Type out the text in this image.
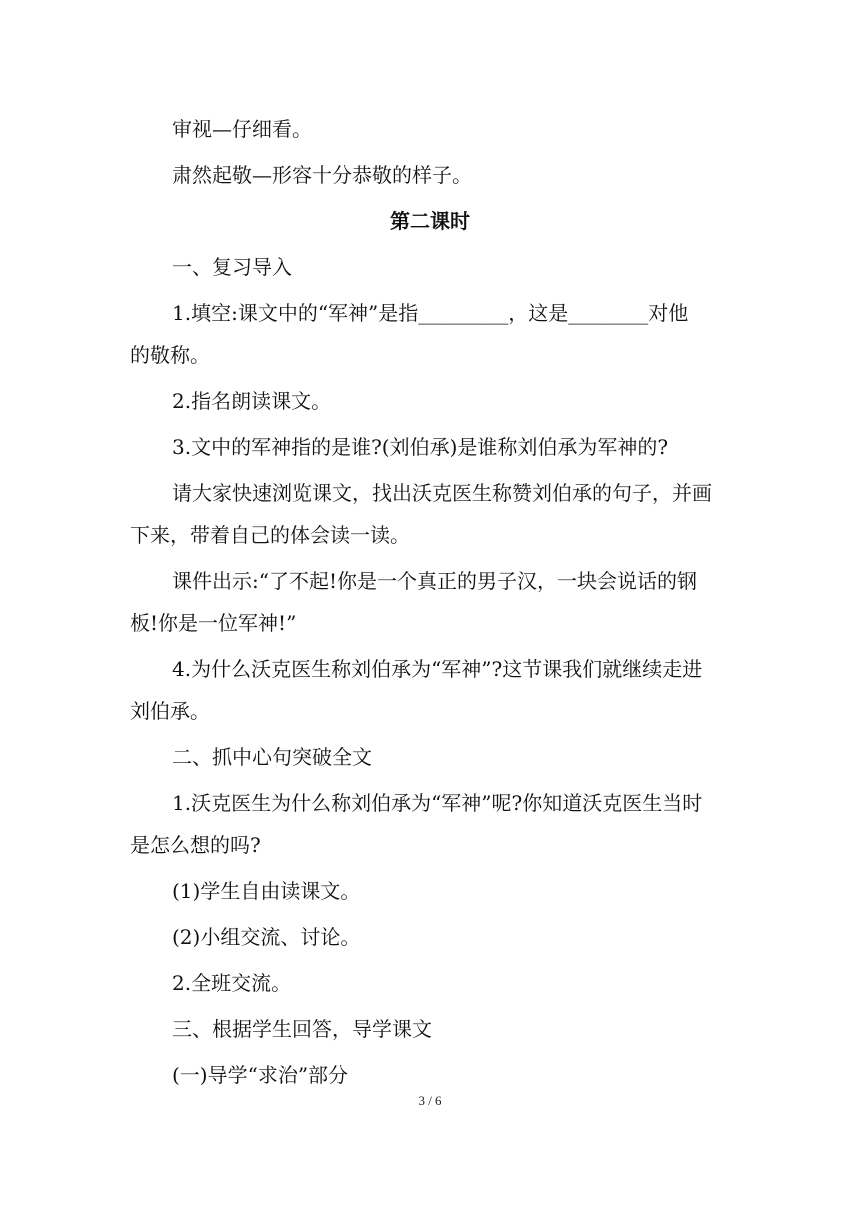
审视—仔细看。
肃然起敬—形容十分恭敬的样子。
第二课时
一、复习导入
1.填空:课文中的“军神”是指_________，这是________对他
的敬称。
2.指名朗读课文。
3.文中的军神指的是谁?(刘伯承)是谁称刘伯承为军神的?
请大家快速浏览课文，找出沃克医生称赞刘伯承的句子，并画
下来，带着自己的体会读一读。
课件出示:“了不起!你是一个真正的男子汉，一块会说话的钢
板!你是一位军神!”
4.为什么沃克医生称刘伯承为“军神”?这节课我们就继续走进
刘伯承。
二、抓中心句突破全文
1.沃克医生为什么称刘伯承为“军神”呢?你知道沃克医生当时
是怎么想的吗?
(1)学生自由读课文。
(2)小组交流、讨论。
2.全班交流。
三、根据学生回答，导学课文
(一)导学“求治”部分
3 / 6
